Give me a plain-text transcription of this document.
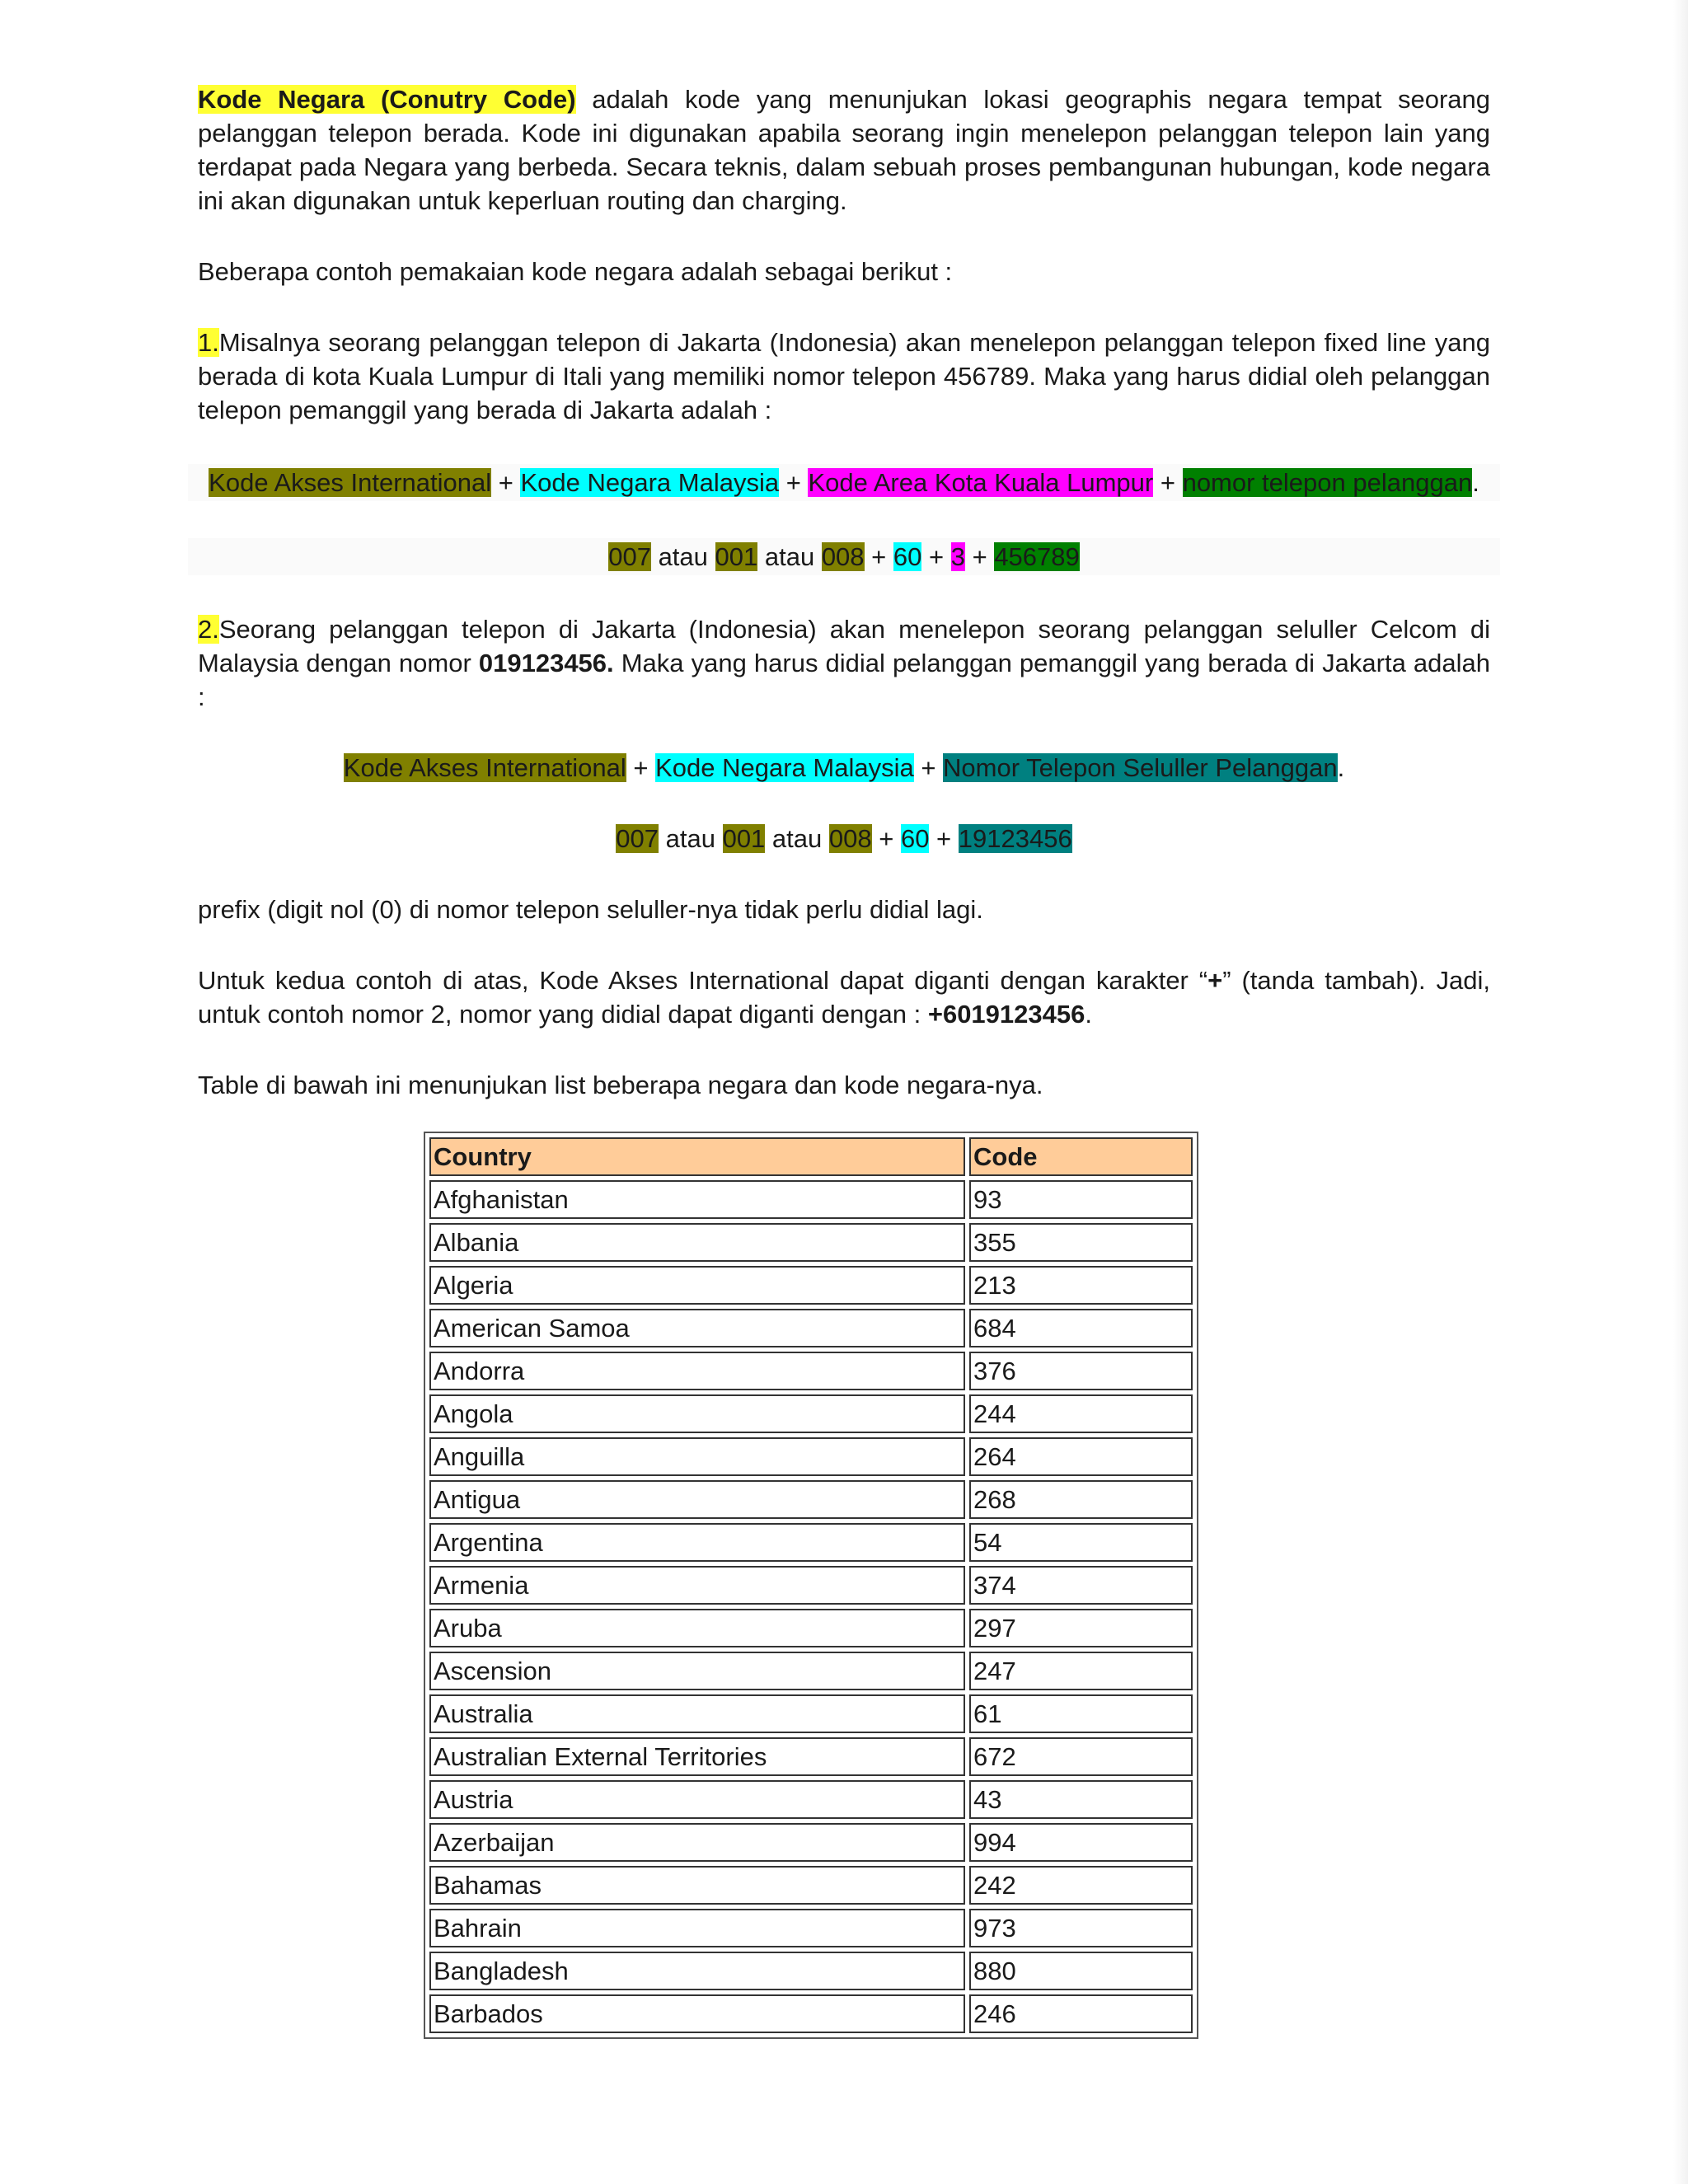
Kode Negara (Conutry Code) adalah kode yang menunjukan lokasi geographis negara tempat seorang pelanggan telepon berada. Kode ini digunakan apabila seorang ingin menelepon pelanggan telepon lain yang terdapat pada Negara yang berbeda. Secara teknis, dalam sebuah proses pembangunan hubungan, kode negara ini akan digunakan untuk keperluan routing dan charging.

Beberapa contoh pemakaian kode negara adalah sebagai berikut :

1.Misalnya seorang pelanggan telepon di Jakarta (Indonesia) akan menelepon pelanggan telepon fixed line yang berada di kota Kuala Lumpur di Itali yang memiliki nomor telepon 456789. Maka yang harus didial oleh pelanggan telepon pemanggil yang berada di Jakarta adalah :

Kode Akses International + Kode Negara Malaysia + Kode Area Kota Kuala Lumpur + nomor telepon pelanggan.
007 atau 001 atau 008 + 60 + 3 + 456789

2.Seorang pelanggan telepon di Jakarta (Indonesia) akan menelepon seorang pelanggan seluller Celcom di Malaysia dengan nomor 019123456. Maka yang harus didial pelanggan pemanggil yang berada di Jakarta adalah :

Kode Akses International + Kode Negara Malaysia + Nomor Telepon Seluller Pelanggan.
007 atau 001 atau 008 + 60 + 19123456

prefix (digit nol (0) di nomor telepon seluller-nya tidak perlu didial lagi.

Untuk kedua contoh di atas, Kode Akses International dapat diganti dengan karakter “+” (tanda tambah). Jadi, untuk contoh nomor 2, nomor yang didial dapat diganti dengan : +6019123456.

Table di bawah ini menunjukan list beberapa negara dan kode negara-nya.

Country	Code
Afghanistan	93
Albania	355
Algeria	213
American Samoa	684
Andorra	376
Angola	244
Anguilla	264
Antigua	268
Argentina	54
Armenia	374
Aruba	297
Ascension	247
Australia	61
Australian External Territories	672
Austria	43
Azerbaijan	994
Bahamas	242
Bahrain	973
Bangladesh	880
Barbados	246
